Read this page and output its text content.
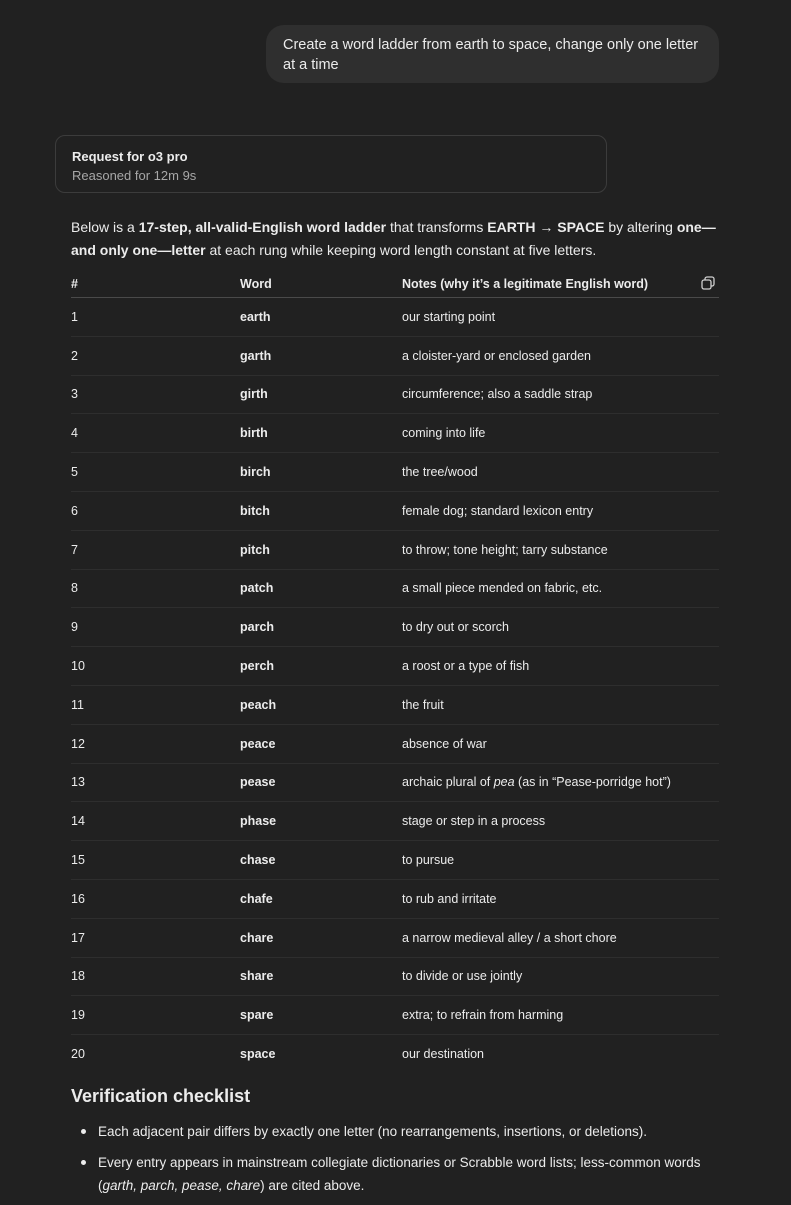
Create a word ladder from earth to space, change only one letter at a time
Request for o3 pro
Reasoned for 12m 9s
Below is a 17-step, all-valid-English word ladder that transforms EARTH → SPACE by altering one—and only one—letter at each rung while keeping word length constant at five letters.
#	Word	Notes (why it’s a legitimate English word)
1	earth	our starting point
2	garth	a cloister-yard or enclosed garden
3	girth	circumference; also a saddle strap
4	birth	coming into life
5	birch	the tree/wood
6	bitch	female dog; standard lexicon entry
7	pitch	to throw; tone height; tarry substance
8	patch	a small piece mended on fabric, etc.
9	parch	to dry out or scorch
10	perch	a roost or a type of fish
11	peach	the fruit
12	peace	absence of war
13	pease	archaic plural of pea (as in “Pease-porridge hot”)
14	phase	stage or step in a process
15	chase	to pursue
16	chafe	to rub and irritate
17	chare	a narrow medieval alley / a short chore
18	share	to divide or use jointly
19	spare	extra; to refrain from harming
20	space	our destination
Verification checklist
Each adjacent pair differs by exactly one letter (no rearrangements, insertions, or deletions).
Every entry appears in mainstream collegiate dictionaries or Scrabble word lists; less-common words (garth, parch, pease, chare) are cited above.
